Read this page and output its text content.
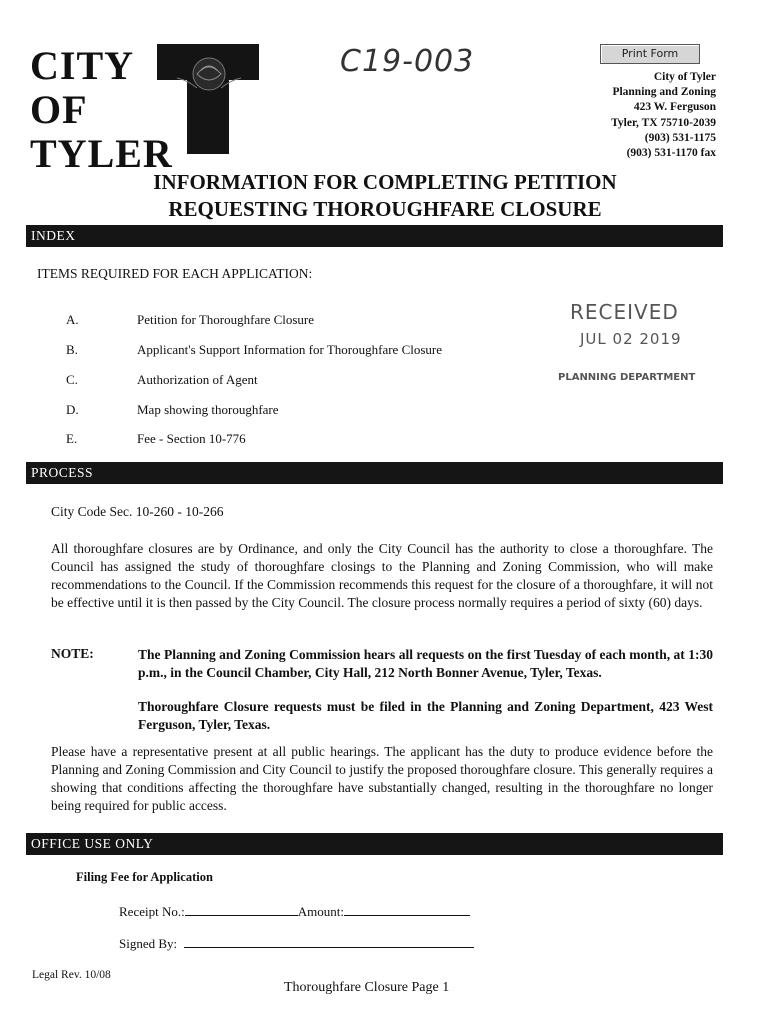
CITY
OF
TYLER
C19-003	Print Form
City of Tyler
Planning and Zoning
423 W. Ferguson
Tyler, TX 75710-2039
(903) 531-1175
(903) 531-1170 fax
INFORMATION FOR COMPLETING PETITION
REQUESTING THOROUGHFARE CLOSURE
INDEX
ITEMS REQUIRED FOR EACH APPLICATION:
A.	Petition for Thoroughfare Closure
B.	Applicant's Support Information for Thoroughfare Closure
C.	Authorization of Agent
D.	Map showing thoroughfare
E.	Fee - Section 10-776
RECEIVED
JUL 02 2019
PLANNING DEPARTMENT
PROCESS
City Code Sec. 10-260 - 10-266
All thoroughfare closures are by Ordinance, and only the City Council has the authority to close a thoroughfare. The Council has assigned the study of thoroughfare closings to the Planning and Zoning Commission, who will make recommendations to the Council. If the Commission recommends this request for the closure of a thoroughfare, it will not be effective until it is then passed by the City Council. The closure process normally requires a period of sixty (60) days.
NOTE:	The Planning and Zoning Commission hears all requests on the first Tuesday of each month, at 1:30 p.m., in the Council Chamber, City Hall, 212 North Bonner Avenue, Tyler, Texas.
Thoroughfare Closure requests must be filed in the Planning and Zoning Department, 423 West Ferguson, Tyler, Texas.
Please have a representative present at all public hearings. The applicant has the duty to produce evidence before the Planning and Zoning Commission and City Council to justify the proposed thoroughfare closure. This generally requires a showing that conditions affecting the thoroughfare have substantially changed, resulting in the thoroughfare no longer being required for public access.
OFFICE USE ONLY
Filing Fee for Application
Receipt No.:	Amount:
Signed By:
Legal Rev. 10/08
Thoroughfare Closure Page 1
